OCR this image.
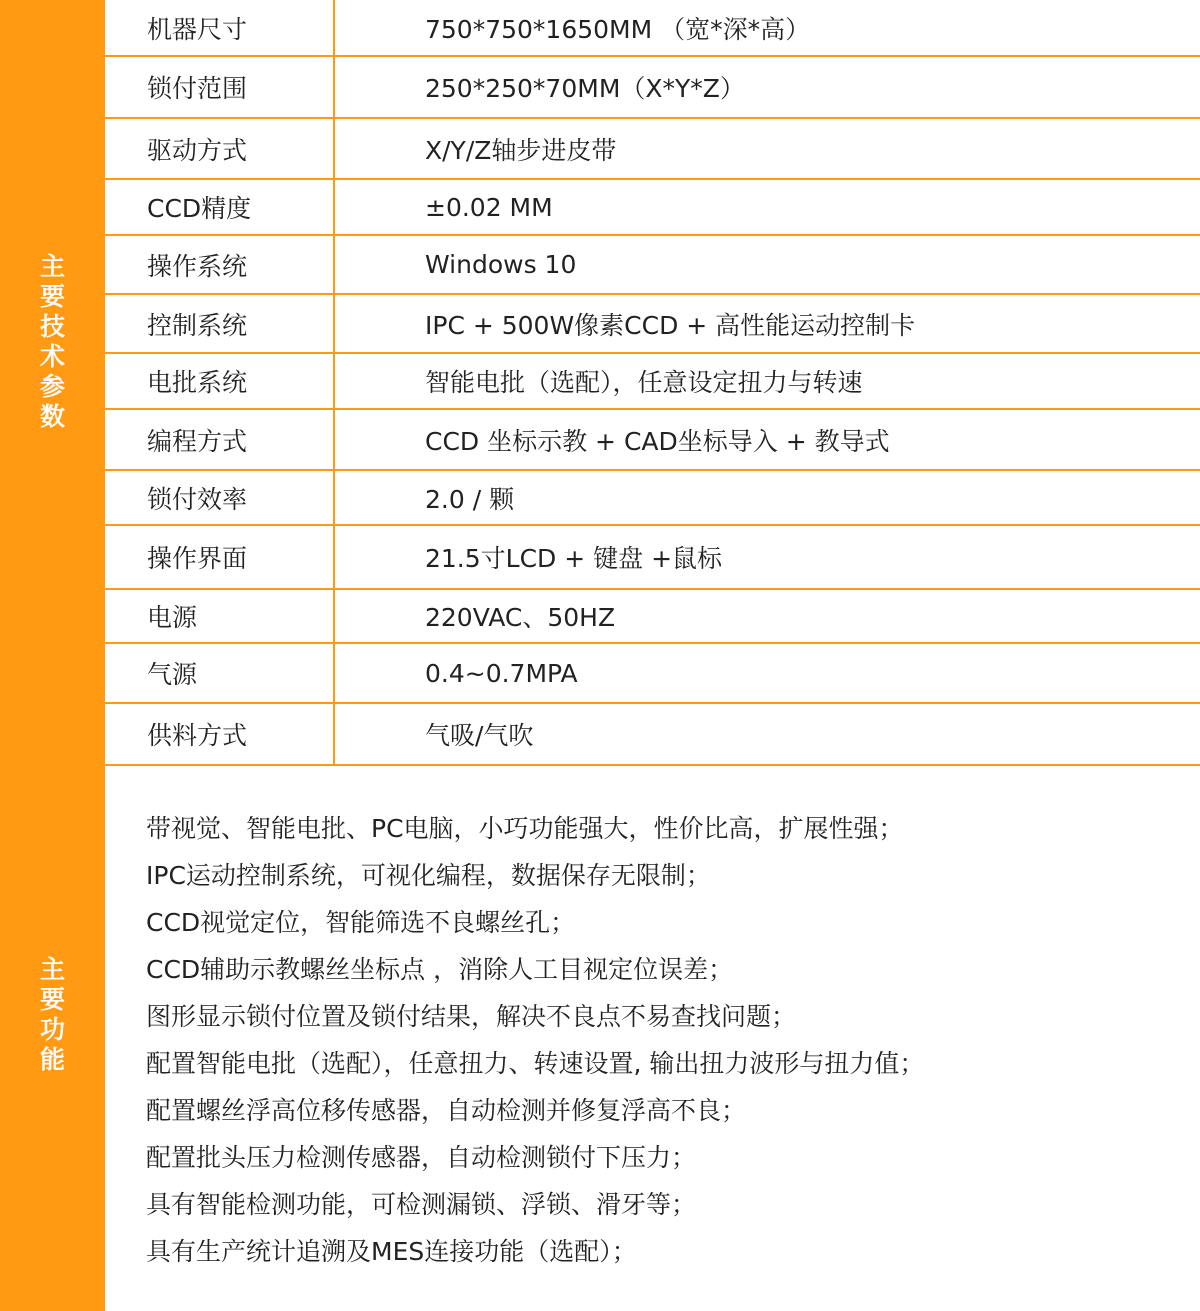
主
要
技
术
参
数
主
要
功
能
机器尺寸	750*750*1650MM （宽*深*高）
锁付范围	250*250*70MM（X*Y*Z）
驱动方式	X/Y/Z轴步进皮带
CCD精度	±0.02 MM
操作系统	Windows 10
控制系统	IPC + 500W像素CCD + 高性能运动控制卡
电批系统	智能电批（选配），任意设定扭力与转速
编程方式	CCD 坐标示教 + CAD坐标导入 + 教导式
锁付效率	2.0 / 颗
操作界面	21.5寸LCD + 键盘 +鼠标
电源	220VAC、50HZ
气源	0.4~0.7MPA
供料方式	气吸/气吹
带视觉、智能电批、PC电脑，小巧功能强大，性价比高，扩展性强；
IPC运动控制系统，可视化编程，数据保存无限制；
CCD视觉定位，智能筛选不良螺丝孔；
CCD辅助示教螺丝坐标点 ，消除人工目视定位误差；
图形显示锁付位置及锁付结果，解决不良点不易查找问题；
配置智能电批（选配），任意扭力、转速设置, 输出扭力波形与扭力值；
配置螺丝浮高位移传感器，自动检测并修复浮高不良；
配置批头压力检测传感器，自动检测锁付下压力；
具有智能检测功能，可检测漏锁、浮锁、滑牙等；
具有生产统计追溯及MES连接功能（选配）；
